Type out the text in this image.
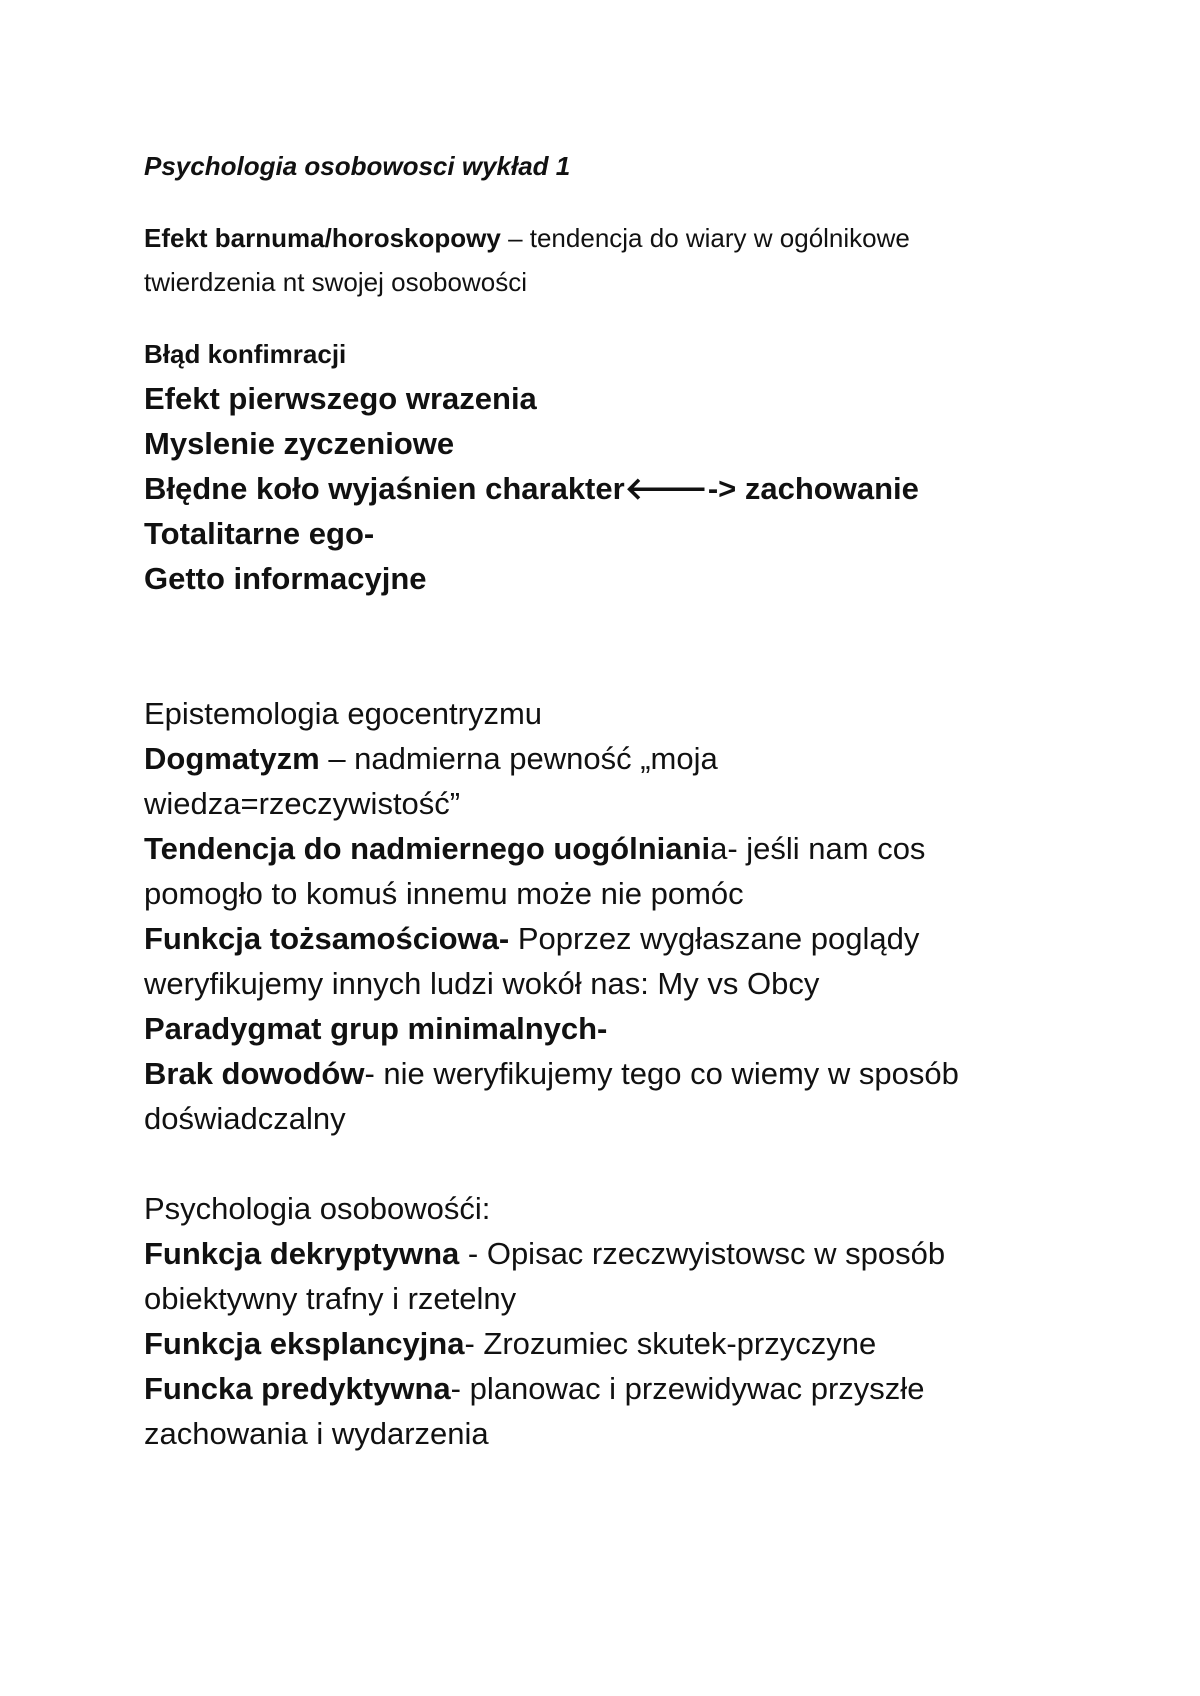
Psychologia osobowosci wykład 1

Efekt barnuma/horoskopowy – tendencja do wiary w ogólnikowe

twierdzenia nt swojej osobowości

Błąd konfimracji

Efekt pierwszego wrazenia

Myslenie zyczeniowe

Błędne koło wyjaśnien charakter🡐-> zachowanie

Totalitarne ego-

Getto informacyjne

Epistemologia egocentryzmu

Dogmatyzm – nadmierna pewność „moja

wiedza=rzeczywistość”

Tendencja do nadmiernego uogólniania- jeśli nam cos

pomogło to komuś innemu może nie pomóc

Funkcja tożsamościowa- Poprzez wygłaszane poglądy

weryfikujemy innych ludzi wokół nas: My vs Obcy

Paradygmat grup minimalnych-

Brak dowodów- nie weryfikujemy tego co wiemy w sposób

doświadczalny

Psychologia osobowośći:

Funkcja dekryptywna - Opisac rzeczwyistowsc w sposób

obiektywny trafny i rzetelny

Funkcja eksplancyjna- Zrozumiec skutek-przyczyne

Funcka predyktywna- planowac i przewidywac przyszłe

zachowania i wydarzenia
